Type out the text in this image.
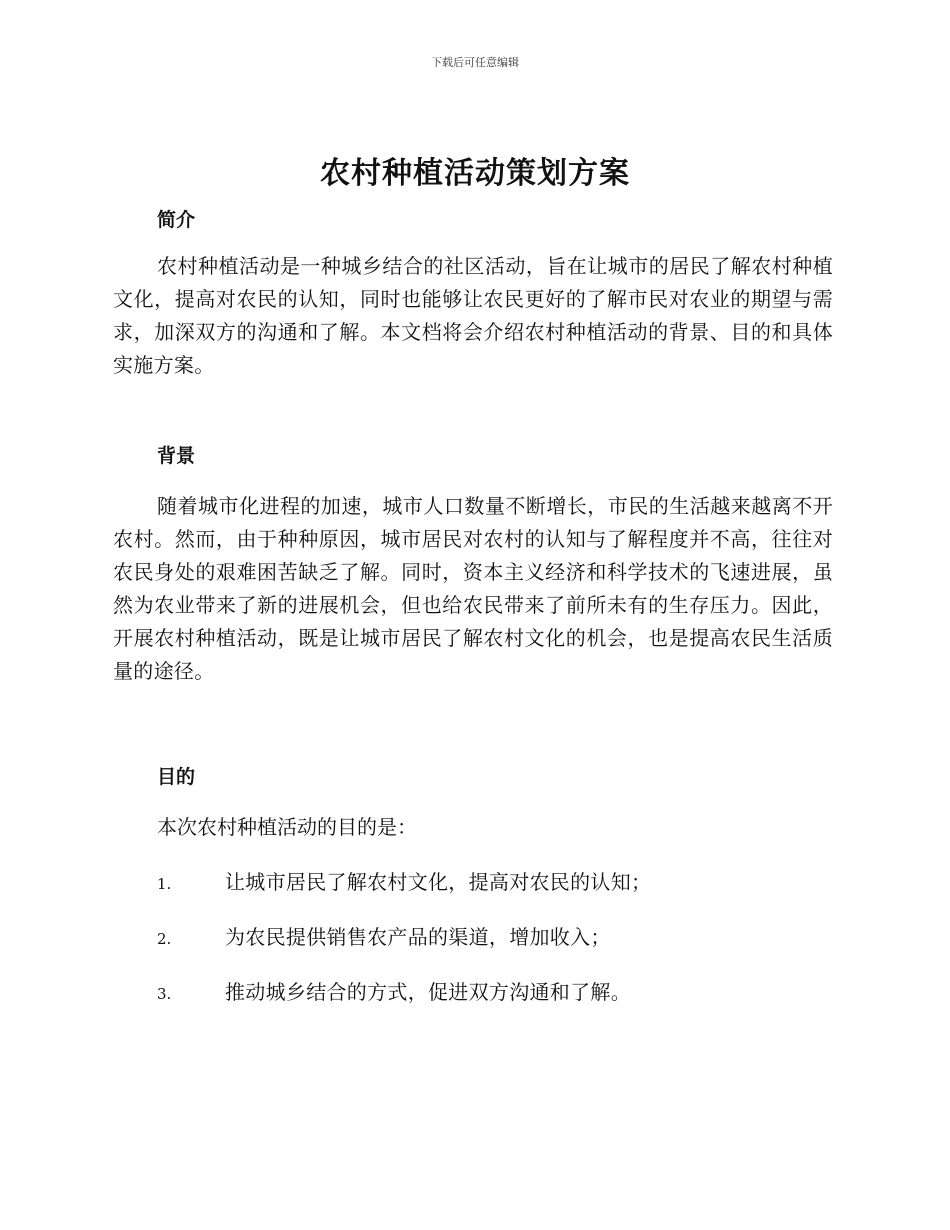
下载后可任意编辑
农村种植活动策划方案
简介

农村种植活动是一种城乡结合的社区活动，旨在让城市的居民了解农村种植文化，提高对农民的认知，同时也能够让农民更好的了解市民对农业的期望与需求，加深双方的沟通和了解。本文档将会介绍农村种植活动的背景、目的和具体实施方案。

背景

随着城市化进程的加速，城市人口数量不断增长，市民的生活越来越离不开农村。然而，由于种种原因，城市居民对农村的认知与了解程度并不高，往往对农民身处的艰难困苦缺乏了解。同时，资本主义经济和科学技术的飞速进展，虽然为农业带来了新的进展机会，但也给农民带来了前所未有的生存压力。因此，开展农村种植活动，既是让城市居民了解农村文化的机会，也是提高农民生活质量的途径。

目的

本次农村种植活动的目的是：

1.	让城市居民了解农村文化，提高对农民的认知；
2.	为农民提供销售农产品的渠道，增加收入；
3.	推动城乡结合的方式，促进双方沟通和了解。
